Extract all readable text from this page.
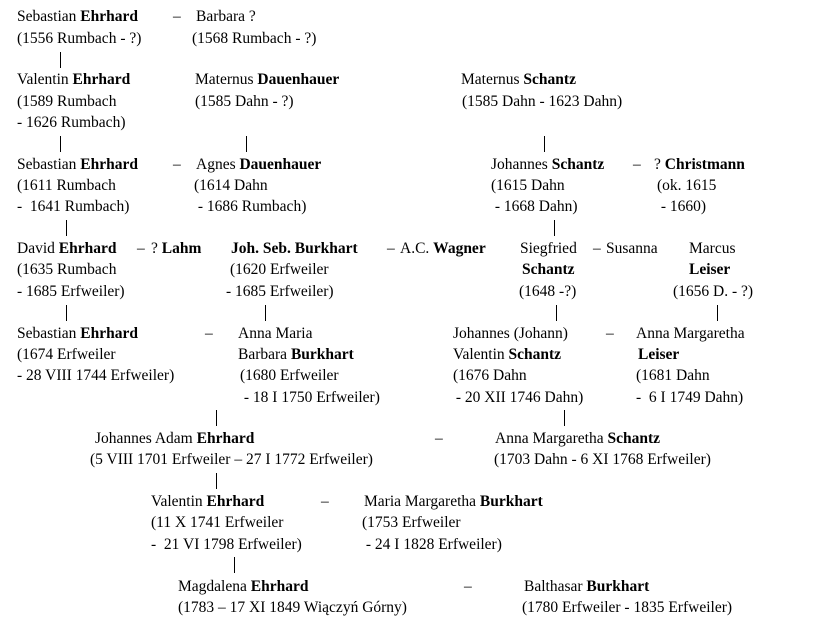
Sebastian Ehrhard – Barbara ?
(1556 Rumbach - ?)	(1568 Rumbach - ?)
Valentin Ehrhard
(1589 Rumbach
- 1626 Rumbach)
Maternus Dauenhauer
(1585 Dahn - ?)
Maternus Schantz
(1585 Dahn - 1623 Dahn)
Sebastian Ehrhard – Agnes Dauenhauer
(1611 Rumbach
-  1641 Rumbach)
(1614 Dahn
- 1686 Rumbach)
Johannes Schantz – ? Christmann
(1615 Dahn
- 1668 Dahn)
(ok. 1615
- 1660)
David Ehrhard – ? Lahm
(1635 Rumbach
- 1685 Erfweiler)
Joh. Seb. Burkhart – A.C. Wagner
(1620 Erfweiler
- 1685 Erfweiler)
Siegfried – Susanna
Schantz
(1648 -?)
Marcus
Leiser
(1656 D. - ?)
Sebastian Ehrhard	–
(1674 Erfweiler
- 28 VIII 1744 Erfweiler)
Anna Maria
Barbara Burkhart
(1680 Erfweiler
- 18 I 1750 Erfweiler)
Johannes (Johann) –
Valentin Schantz
(1676 Dahn
- 20 XII 1746 Dahn)
Anna Margaretha
Leiser
(1681 Dahn
-  6 I 1749 Dahn)
Johannes Adam Ehrhard	–
(5 VIII 1701 Erfweiler – 27 I 1772 Erfweiler)
Anna Margaretha Schantz
(1703 Dahn - 6 XI 1768 Erfweiler)
Valentin Ehrhard	–
(11 X 1741 Erfweiler
-  21 VI 1798 Erfweiler)
Maria Margaretha Burkhart
(1753 Erfweiler
- 24 I 1828 Erfweiler)
Magdalena Ehrhard	–
(1783 – 17 XI 1849 Wiączyń Górny)
Balthasar Burkhart
(1780 Erfweiler - 1835 Erfweiler)
